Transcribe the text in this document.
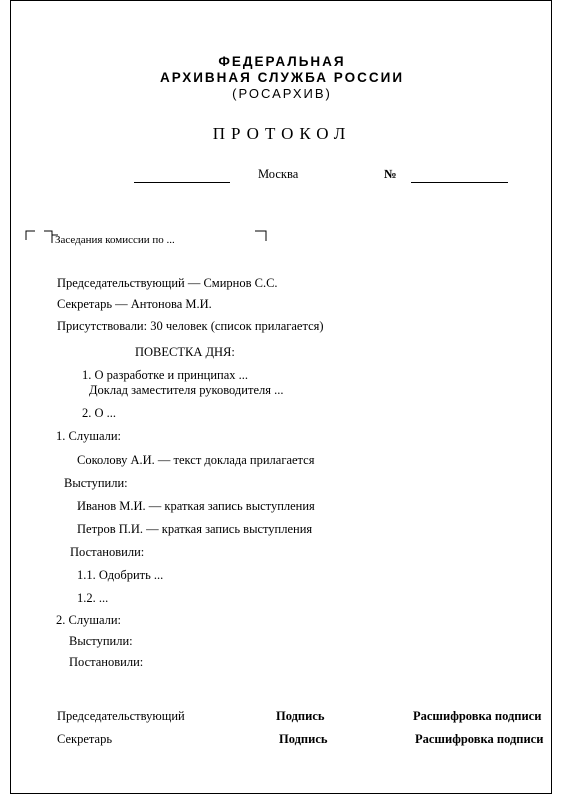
ФЕДЕРАЛЬНАЯ
АРХИВНАЯ СЛУЖБА РОССИИ
(РОСАРХИВ)
ПРОТОКОЛ
Москва	№
Заседания комиссии по ...
Председательствующий — Смирнов С.С.
Секретарь — Антонова М.И.
Присутствовали: 30 человек (список прилагается)
ПОВЕСТКА ДНЯ:
1. О разработке и принципах ...
Доклад заместителя руководителя ...
2. О ...
1. Слушали:
Соколову А.И. — текст доклада прилагается
Выступили:
Иванов М.И. — краткая запись выступления
Петров П.И. — краткая запись выступления
Постановили:
1.1. Одобрить ...
1.2. ...
2. Слушали:
Выступили:
Постановили:
Председательствующий	Подпись	Расшифровка подписи
Секретарь	Подпись	Расшифровка подписи
